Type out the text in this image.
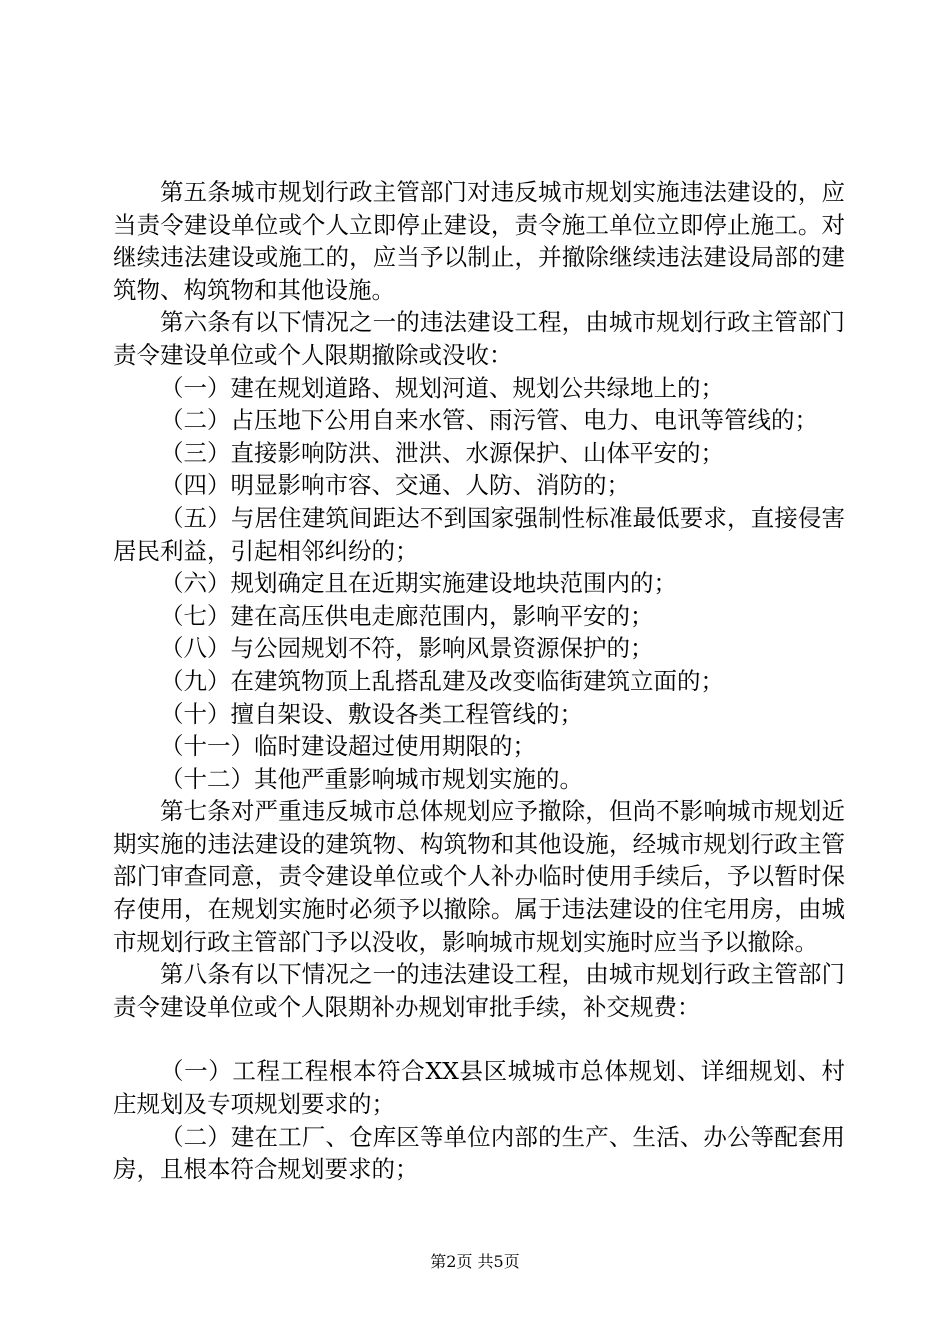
第五条城市规划行政主管部门对违反城市规划实施违法建设的，应当责令建设单位或个人立即停止建设，责令施工单位立即停止施工。对继续违法建设或施工的，应当予以制止，并撤除继续违法建设局部的建筑物、构筑物和其他设施。

第六条有以下情况之一的违法建设工程，由城市规划行政主管部门责令建设单位或个人限期撤除或没收：

（一）建在规划道路、规划河道、规划公共绿地上的；

（二）占压地下公用自来水管、雨污管、电力、电讯等管线的；

（三）直接影响防洪、泄洪、水源保护、山体平安的；

（四）明显影响市容、交通、人防、消防的；

（五）与居住建筑间距达不到国家强制性标准最低要求，直接侵害居民利益，引起相邻纠纷的；

（六）规划确定且在近期实施建设地块范围内的；

（七）建在高压供电走廊范围内，影响平安的；

（八）与公园规划不符，影响风景资源保护的；

（九）在建筑物顶上乱搭乱建及改变临街建筑立面的；

（十）擅自架设、敷设各类工程管线的；

（十一）临时建设超过使用期限的；

（十二）其他严重影响城市规划实施的。

第七条对严重违反城市总体规划应予撤除，但尚不影响城市规划近期实施的违法建设的建筑物、构筑物和其他设施，经城市规划行政主管部门审查同意，责令建设单位或个人补办临时使用手续后，予以暂时保存使用，在规划实施时必须予以撤除。属于违法建设的住宅用房，由城市规划行政主管部门予以没收，影响城市规划实施时应当予以撤除。

第八条有以下情况之一的违法建设工程，由城市规划行政主管部门责令建设单位或个人限期补办规划审批手续，补交规费：

（一）工程工程根本符合XX县区城城市总体规划、详细规划、村庄规划及专项规划要求的；

（二）建在工厂、仓库区等单位内部的生产、生活、办公等配套用房，且根本符合规划要求的；

第2页 共5页
